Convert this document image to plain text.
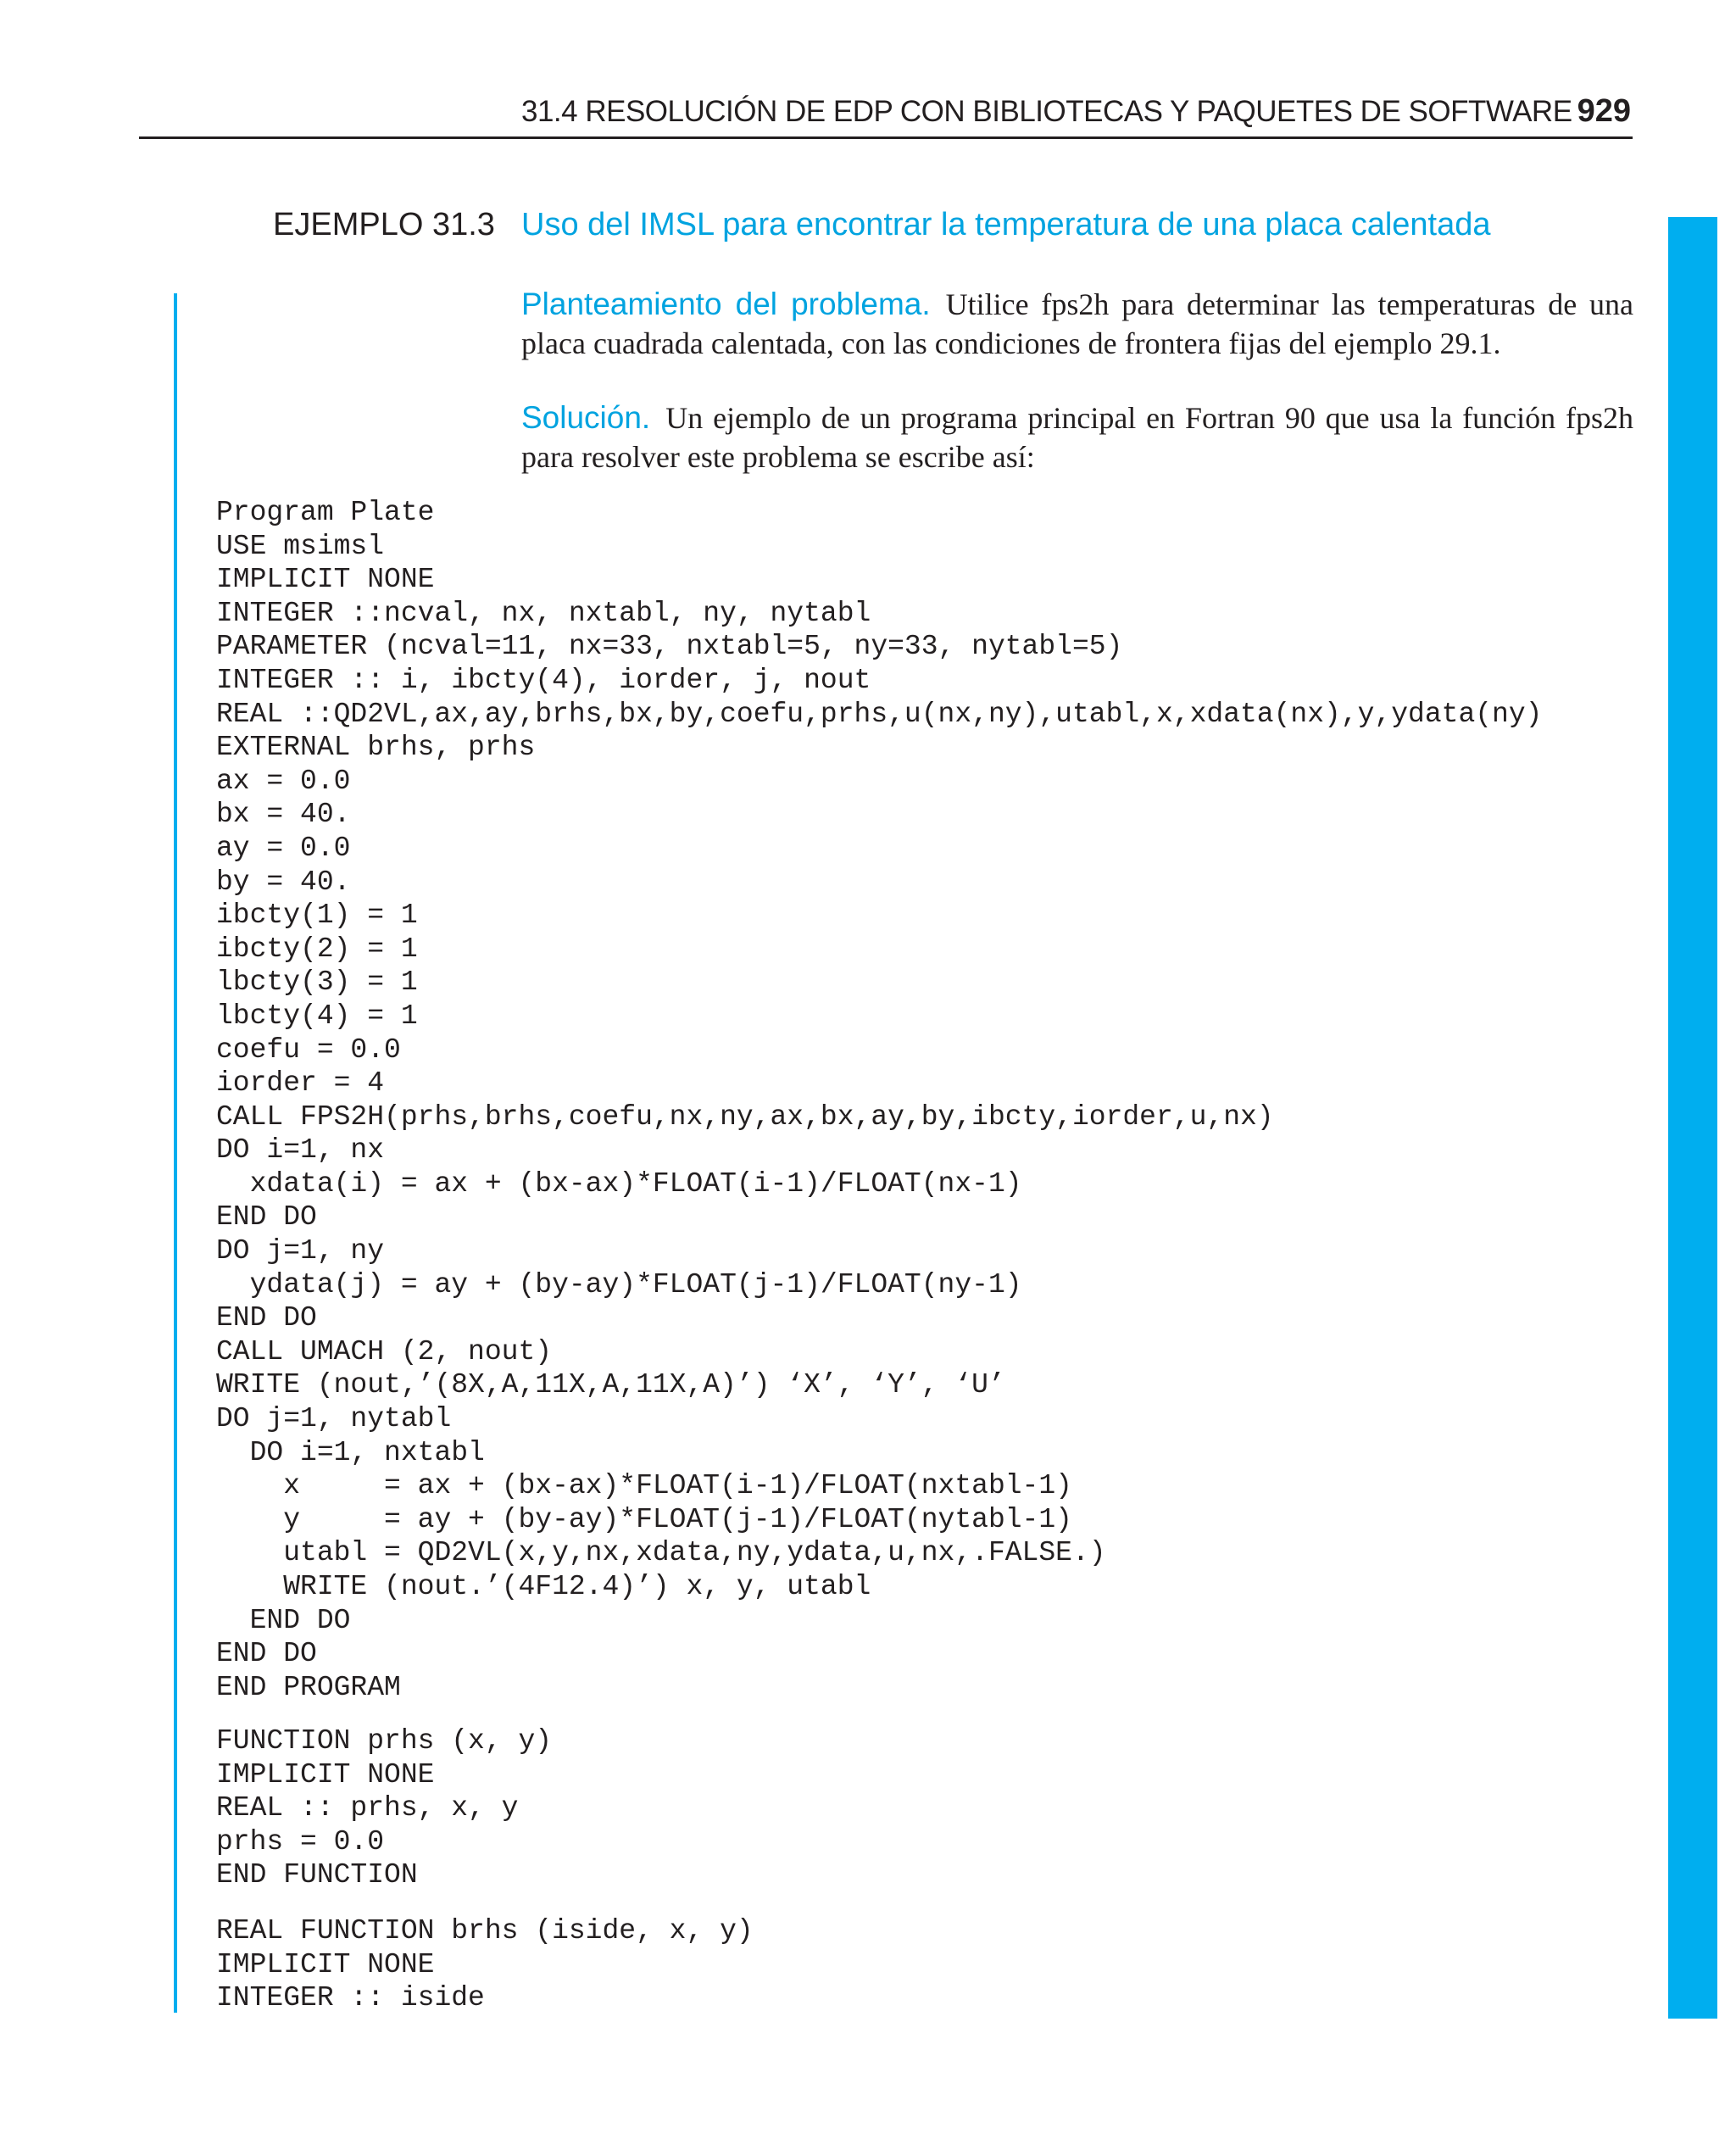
31.4 RESOLUCIÓN DE EDP CON BIBLIOTECAS Y PAQUETES DE SOFTWARE 929
EJEMPLO 31.3 Uso del IMSL para encontrar la temperatura de una placa calentada
Planteamiento del problema. Utilice fps2h para determinar las temperaturas de una placa cuadrada calentada, con las condiciones de frontera fijas del ejemplo 29.1.
Solución. Un ejemplo de un programa principal en Fortran 90 que usa la función fps2h para resolver este problema se escribe así:
Program Plate
USE msimsl
IMPLICIT NONE
INTEGER ::ncval, nx, nxtabl, ny, nytabl
PARAMETER (ncval=11, nx=33, nxtabl=5, ny=33, nytabl=5)
INTEGER :: i, ibcty(4), iorder, j, nout
REAL ::QD2VL,ax,ay,brhs,bx,by,coefu,prhs,u(nx,ny),utabl,x,xdata(nx),y,ydata(ny)
EXTERNAL brhs, prhs
ax = 0.0
bx = 40.
ay = 0.0
by = 40.
ibcty(1) = 1
ibcty(2) = 1
lbcty(3) = 1
lbcty(4) = 1
coefu = 0.0
iorder = 4
CALL FPS2H(prhs,brhs,coefu,nx,ny,ax,bx,ay,by,ibcty,iorder,u,nx)
DO i=1, nx
xdata(i) = ax + (bx-ax)*FLOAT(i-1)/FLOAT(nx-1)
END DO
DO j=1, ny
ydata(j) = ay + (by-ay)*FLOAT(j-1)/FLOAT(ny-1)
END DO
CALL UMACH (2, nout)
WRITE (nout,’(8X,A,11X,A,11X,A)’) ‘X’, ‘Y’, ‘U’
DO j=1, nytabl
DO i=1, nxtabl
x     = ax + (bx-ax)*FLOAT(i-1)/FLOAT(nxtabl-1)
y     = ay + (by-ay)*FLOAT(j-1)/FLOAT(nytabl-1)
utabl = QD2VL(x,y,nx,xdata,ny,ydata,u,nx,.FALSE.)
WRITE (nout.’(4F12.4)’) x, y, utabl
END DO
END DO
END PROGRAM
FUNCTION prhs (x, y)
IMPLICIT NONE
REAL :: prhs, x, y
prhs = 0.0
END FUNCTION
REAL FUNCTION brhs (iside, x, y)
IMPLICIT NONE
INTEGER :: iside
